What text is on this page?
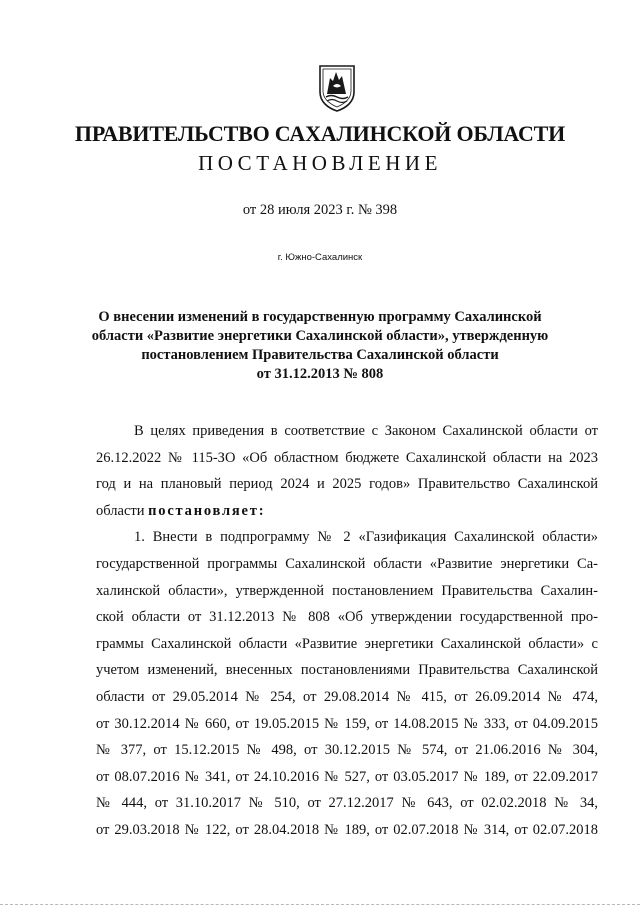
ПРАВИТЕЛЬСТВО САХАЛИНСКОЙ ОБЛАСТИ
ПОСТАНОВЛЕНИЕ
от 28 июля 2023 г. № 398
г. Южно-Сахалинск
О внесении изменений в государственную программу Сахалинской
области «Развитие энергетики Сахалинской области», утвержденную
постановлением Правительства Сахалинской области
от 31.12.2013 № 808
В целях приведения в соответствие с Законом Сахалинской области от
26.12.2022 № 115-ЗО «Об областном бюджете Сахалинской области на 2023
год и на плановый период 2024 и 2025 годов» Правительство Сахалинской
области постановляет:
1. Внести в подпрограмму № 2 «Газификация Сахалинской области»
государственной программы Сахалинской области «Развитие энергетики Са-
халинской области», утвержденной постановлением Правительства Сахалин-
ской области от 31.12.2013 № 808 «Об утверждении государственной про-
граммы Сахалинской области «Развитие энергетики Сахалинской области» с
учетом изменений, внесенных постановлениями Правительства Сахалинской
области от 29.05.2014 № 254, от 29.08.2014 № 415, от 26.09.2014 № 474,
от 30.12.2014 № 660, от 19.05.2015 № 159, от 14.08.2015 № 333, от 04.09.2015
№ 377, от 15.12.2015 № 498, от 30.12.2015 № 574, от 21.06.2016 № 304,
от 08.07.2016 № 341, от 24.10.2016 № 527, от 03.05.2017 № 189, от 22.09.2017
№ 444, от 31.10.2017 № 510, от 27.12.2017 № 643, от 02.02.2018 № 34,
от 29.03.2018 № 122, от 28.04.2018 № 189, от 02.07.2018 № 314, от 02.07.2018
